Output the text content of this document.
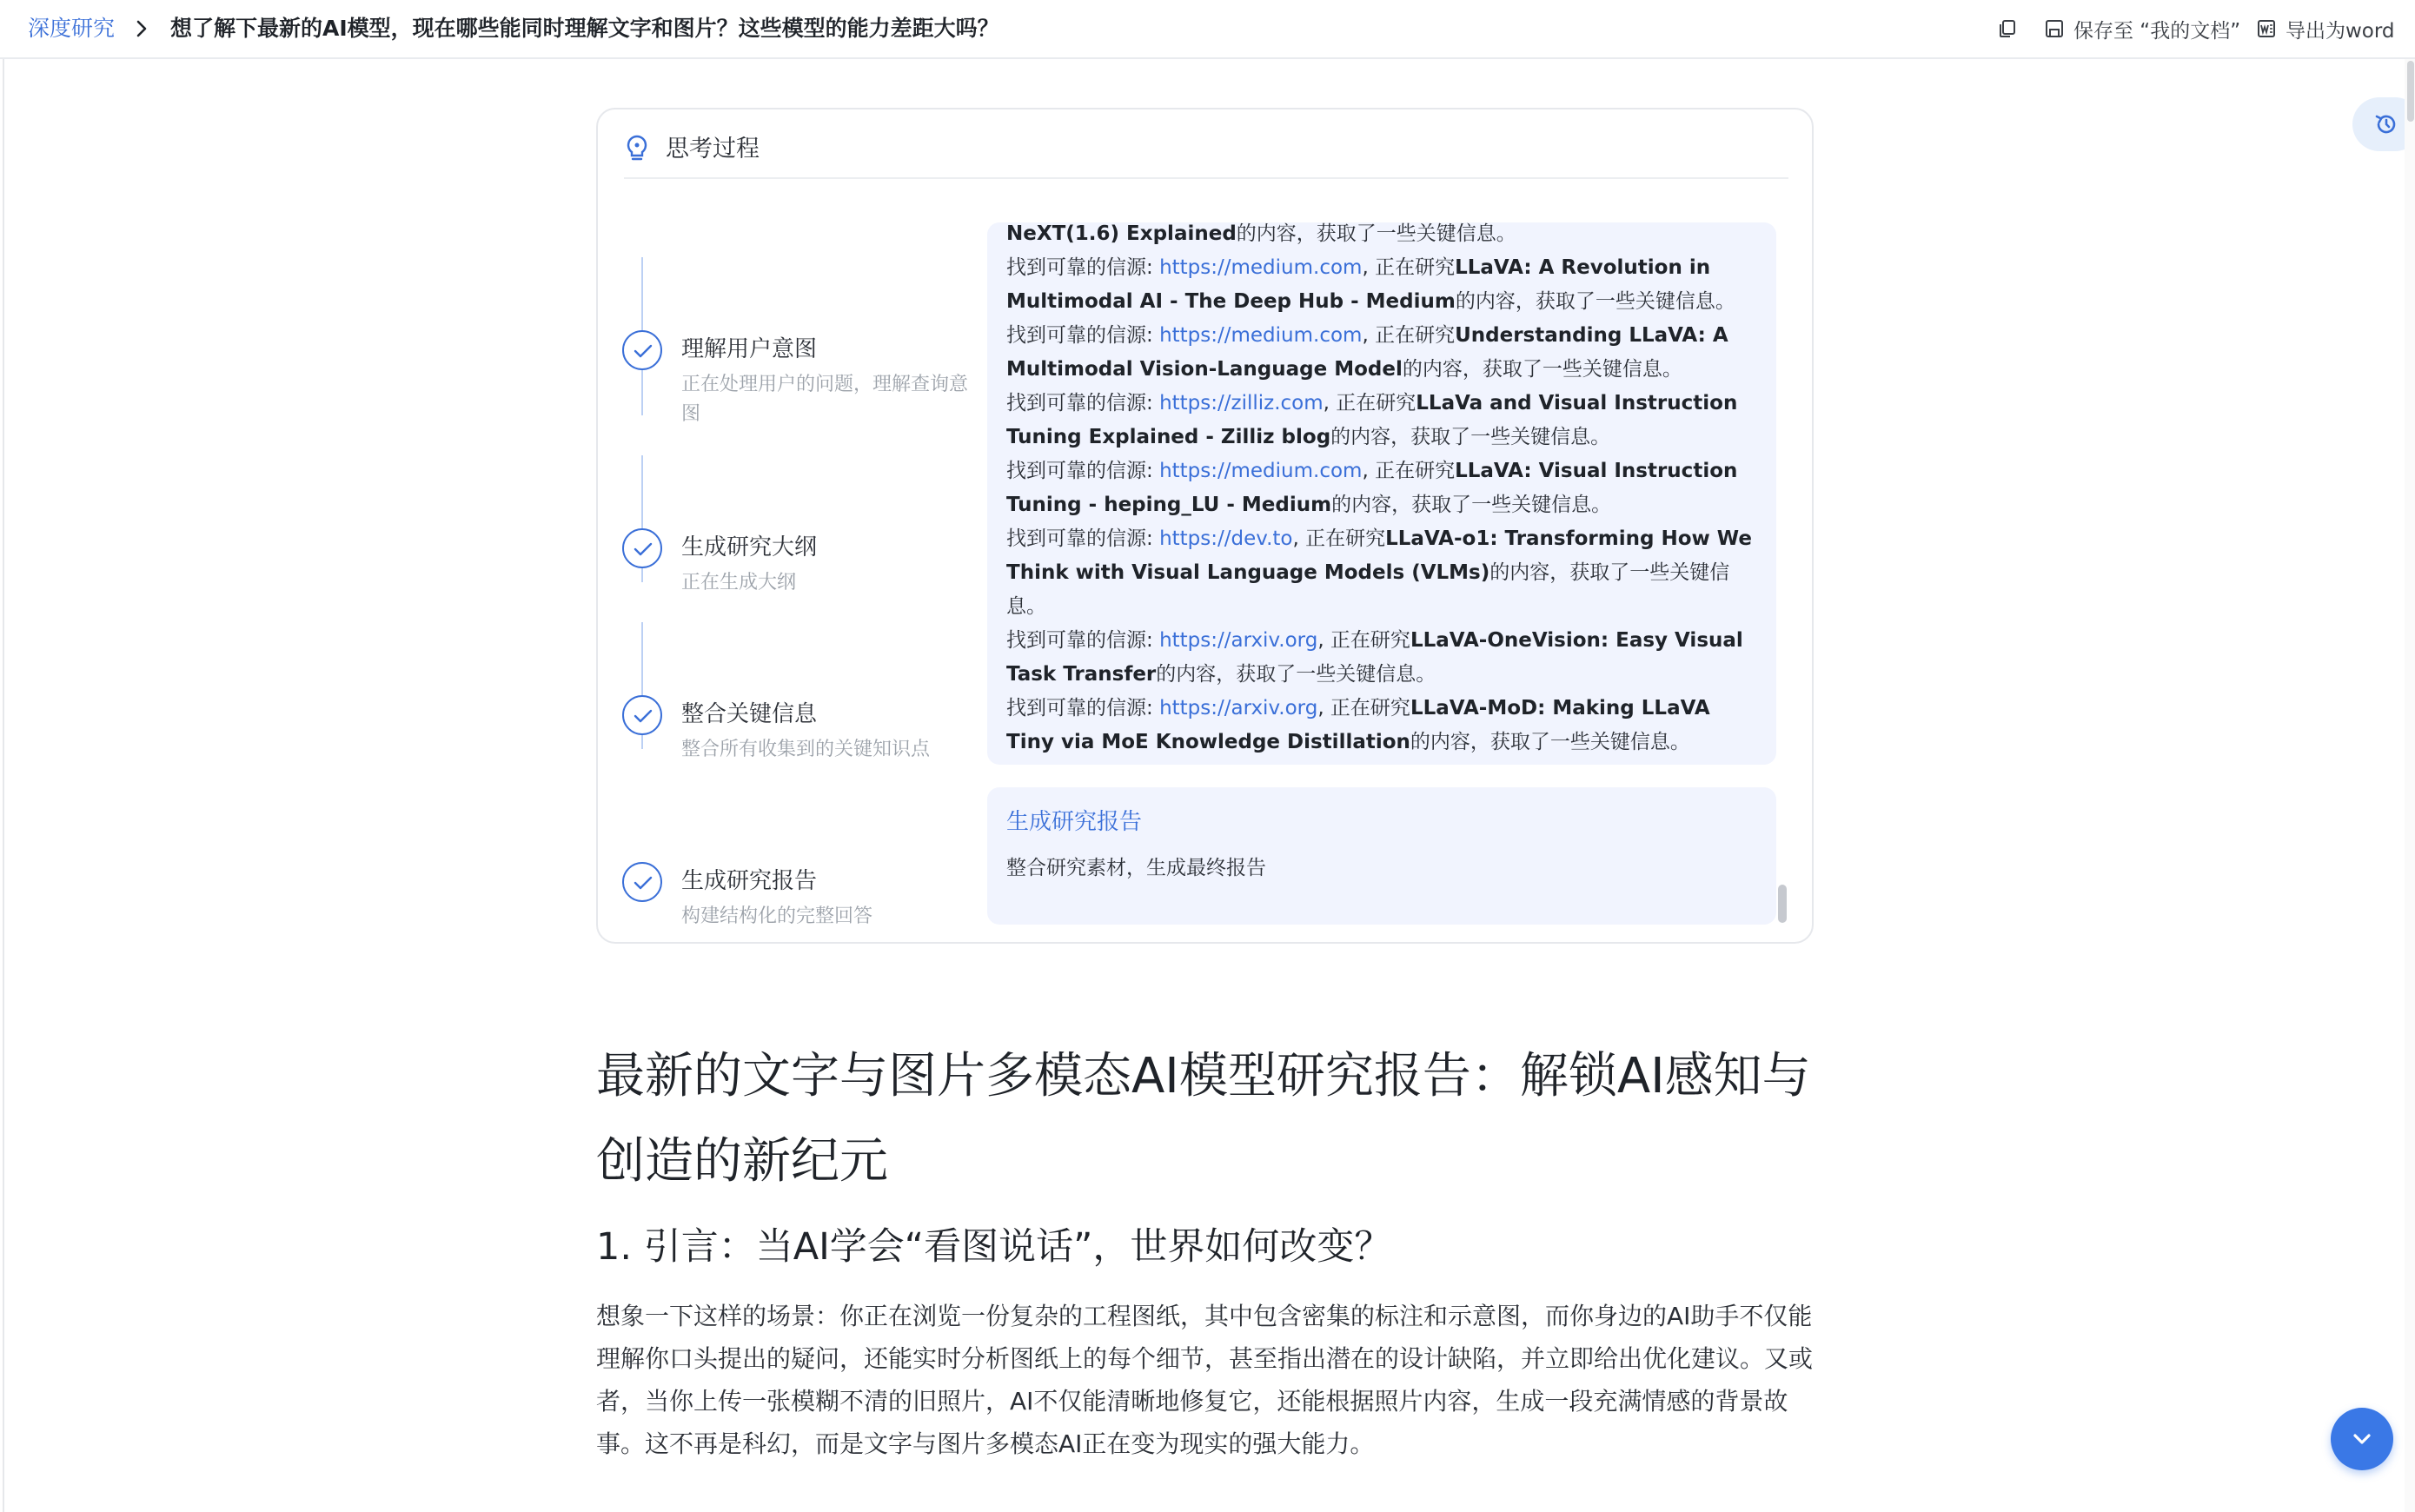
深度研究	想了解下最新的AI模型，现在哪些能同时理解文字和图片？这些模型的能力差距大吗？	保存至 “我的文档” 导出为word
思考过程
理解用户意图
正在处理用户的问题，理解查询意图
生成研究大纲
正在生成大纲
整合关键信息
整合所有收集到的关键知识点
生成研究报告
构建结构化的完整回答
NeXT(1.6) Explained的内容，获取了一些关键信息。
找到可靠的信源: https://medium.com, 正在研究LLaVA: A Revolution in Multimodal AI - The Deep Hub - Medium的内容，获取了一些关键信息。
找到可靠的信源: https://medium.com, 正在研究Understanding LLaVA: A Multimodal Vision-Language Model的内容，获取了一些关键信息。
找到可靠的信源: https://zilliz.com, 正在研究LLaVa and Visual Instruction Tuning Explained - Zilliz blog的内容，获取了一些关键信息。
找到可靠的信源: https://medium.com, 正在研究LLaVA: Visual Instruction Tuning - heping_LU - Medium的内容，获取了一些关键信息。
找到可靠的信源: https://dev.to, 正在研究LLaVA-o1: Transforming How We Think with Visual Language Models (VLMs)的内容，获取了一些关键信息。
找到可靠的信源: https://arxiv.org, 正在研究LLaVA-OneVision: Easy Visual Task Transfer的内容，获取了一些关键信息。
找到可靠的信源: https://arxiv.org, 正在研究LLaVA-MoD: Making LLaVA Tiny via MoE Knowledge Distillation的内容，获取了一些关键信息。
生成研究报告
整合研究素材，生成最终报告
最新的文字与图片多模态AI模型研究报告：解锁AI感知与创造的新纪元
1. 引言：当AI学会“看图说话”，世界如何改变？

想象一下这样的场景：你正在浏览一份复杂的工程图纸，其中包含密集的标注和示意图，而你身边的AI助手不仅能理解你口头提出的疑问，还能实时分析图纸上的每个细节，甚至指出潜在的设计缺陷，并立即给出优化建议。又或者，当你上传一张模糊不清的旧照片，AI不仅能清晰地修复它，还能根据照片内容，生成一段充满情感的背景故事。这不再是科幻，而是文字与图片多模态AI正在变为现实的强大能力。
